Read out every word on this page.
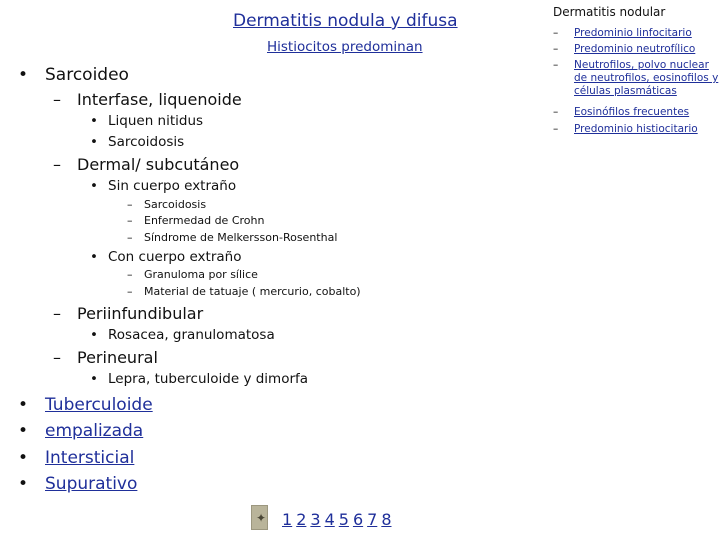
Dermatitis nodula y difusa
Histiocitos predominan
• Sarcoideo
– Interfase, liquenoide
• Liquen nitidus
• Sarcoidosis
– Dermal/ subcutáneo
• Sin cuerpo extraño
– Sarcoidosis
– Enfermedad de Crohn
– Síndrome de Melkersson-Rosenthal
• Con cuerpo extraño
– Granuloma por sílice
– Material de tatuaje ( mercurio, cobalto)
– Periinfundibular
• Rosacea, granulomatosa
– Perineural
• Lepra, tuberculoide y dimorfa
• Tuberculoide
• empalizada
• Intersticial
• Supurativo
Dermatitis nodular
– Predominio linfocitario
– Predominio neutrofílico
– Neutrofilos, polvo nuclear
de neutrofilos, eosinofilos y
células plasmáticas
– Eosinófilos frecuentes
– Predominio histiocitario
✦ 1 2 3 4 5 6 7 8
